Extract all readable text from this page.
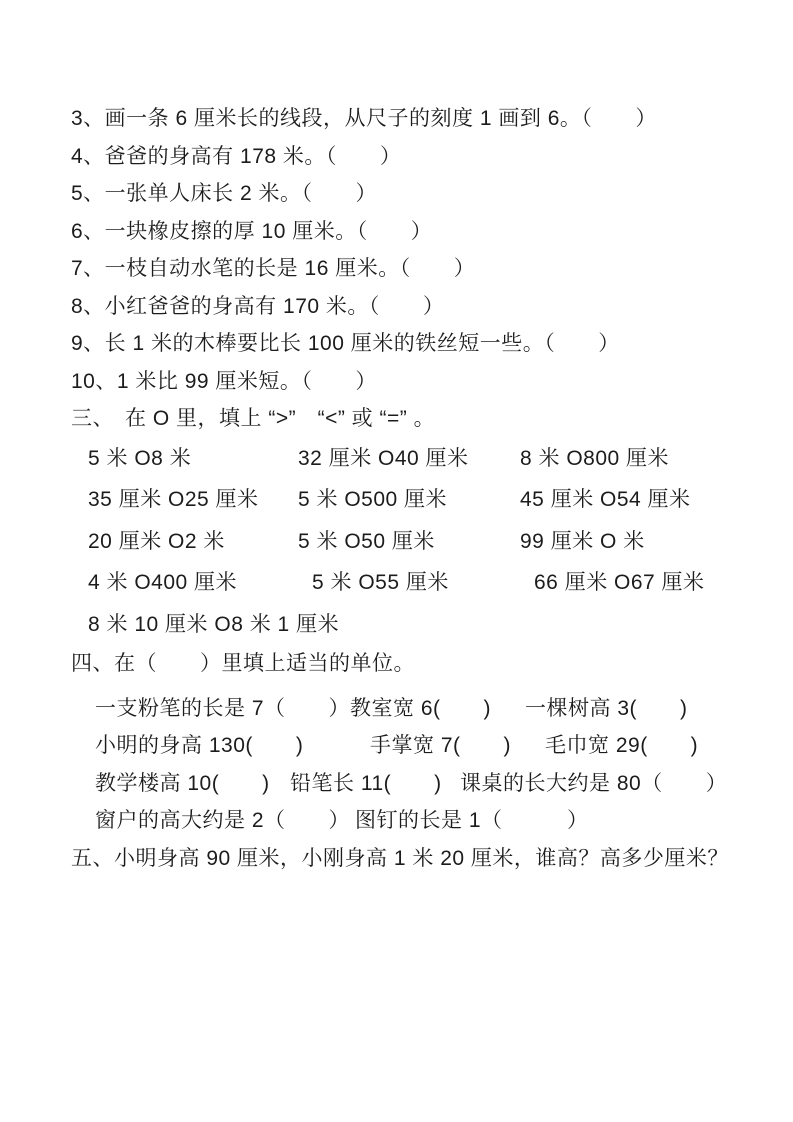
3、画一条 6 厘米长的线段，从尺子的刻度 1 画到 6。（　　）
4、爸爸的身高有 178 米。（　　）
5、一张单人床长 2 米。（　　）
6、一块橡皮擦的厚 10 厘米。（　　）
7、一枝自动水笔的长是 16 厘米。（　　）
8、小红爸爸的身高有 170 米。（　　）
9、长 1 米的木棒要比长 100 厘米的铁丝短一些。（　　）
10、1 米比 99 厘米短。（　　）
三、　在 O 里，填上 “>”　“<” 或 “=” 。
5 米 O8 米	32 厘米 O40 厘米	8 米 O800 厘米
35 厘米 O25 厘米	5 米 O500 厘米	45 厘米 O54 厘米
20 厘米 O2 米	5 米 O50 厘米	99 厘米 O 米
4 米 O400 厘米	5 米 O55 厘米	66 厘米 O67 厘米
8 米 10 厘米 O8 米 1 厘米
四、在（　　）里填上适当的单位。
一支粉笔的长是 7（　　） 教室宽 6(　　)	一棵树高 3(　　)
小明的身高 130(　　)	手掌宽 7(　　)	毛巾宽 29(　　)
教学楼高 10(　　) 铅笔长 11(　　) 课桌的长大约是 80（　　）
窗户的高大约是 2（　　） 图钉的长是 1（　　　）
五、小明身高 90 厘米，小刚身高 1 米 20 厘米，谁高？高多少厘米？
